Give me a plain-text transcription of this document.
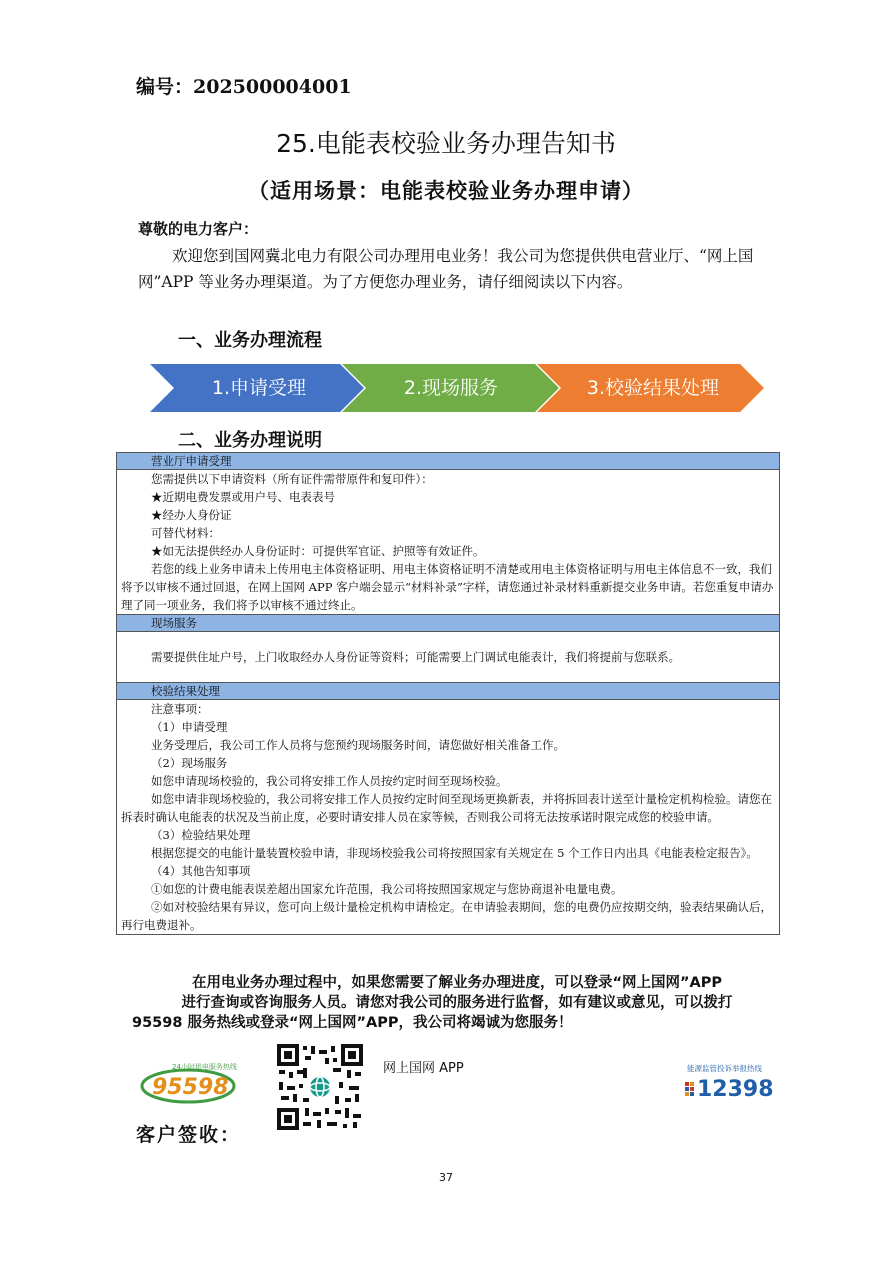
编号：202500004001
25.电能表校验业务办理告知书
（适用场景：电能表校验业务办理申请）
尊敬的电力客户：
欢迎您到国网冀北电力有限公司办理用电业务！我公司为您提供供电营业厅、“网上国网”APP 等业务办理渠道。为了方便您办理业务，请仔细阅读以下内容。
一、业务办理流程
1.申请受理	2.现场服务	3.校验结果处理
二、业务办理说明
营业厅申请受理
您需提供以下申请资料（所有证件需带原件和复印件）：
★近期电费发票或用户号、电表表号
★经办人身份证
可替代材料：
★如无法提供经办人身份证时：可提供军官证、护照等有效证件。
若您的线上业务申请未上传用电主体资格证明、用电主体资格证明不清楚或用电主体资格证明与用电主体信息不一致，我们将予以审核不通过回退，在网上国网 APP 客户端会显示“材料补录”字样，请您通过补录材料重新提交业务申请。若您重复申请办理了同一项业务，我们将予以审核不通过终止。
现场服务
需要提供住址户号，上门收取经办人身份证等资料；可能需要上门调试电能表计，我们将提前与您联系。
校验结果处理
注意事项：
（1）申请受理
业务受理后，我公司工作人员将与您预约现场服务时间，请您做好相关准备工作。
（2）现场服务
如您申请现场校验的，我公司将安排工作人员按约定时间至现场校验。
如您申请非现场校验的，我公司将安排工作人员按约定时间至现场更换新表，并将拆回表计送至计量检定机构检验。请您在拆表时确认电能表的状况及当前止度，必要时请安排人员在家等候，否则我公司将无法按承诺时限完成您的校验申请。
（3）检验结果处理
根据您提交的电能计量装置校验申请，非现场校验我公司将按照国家有关规定在 5 个工作日内出具《电能表检定报告》。
（4）其他告知事项
①如您的计费电能表误差超出国家允许范围，我公司将按照国家规定与您协商退补电量电费。
②如对校验结果有异议，您可向上级计量检定机构申请检定。在申请验表期间，您的电费仍应按期交纳，验表结果确认后，再行电费退补。
在用电业务办理过程中，如果您需要了解业务办理进度，可以登录“网上国网”APP
进行查询或咨询服务人员。请您对我公司的服务进行监督，如有建议或意见，可以拨打
95598 服务热线或登录“网上国网”APP，我公司将竭诚为您服务！
24小时供电服务热线
95598
网上国网 APP	能源监管投诉举报热线
12398
客户签收：
37
